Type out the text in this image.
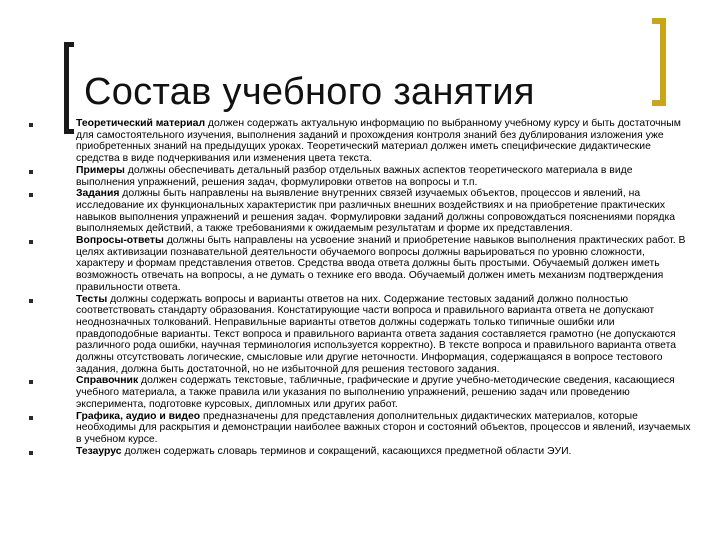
Состав учебного занятия

Теоретический материал должен содержать актуальную информацию по выбранному учебному курсу и быть достаточным для самостоятельного изучения, выполнения заданий и прохождения контроля знаний без дублирования изложения уже приобретенных знаний на предыдущих уроках. Теоретический материал должен иметь специфические дидактические средства в виде подчеркивания или изменения цвета текста.

Примеры должны обеспечивать детальный разбор отдельных важных аспектов теоретического материала в виде выполнения упражнений, решения задач, формулировки ответов на вопросы и т.п.

Задания должны быть направлены на выявление внутренних связей изучаемых объектов, процессов и явлений, на исследование их функциональных характеристик при различных внешних воздействиях и на приобретение практических навыков выполнения упражнений и решения задач. Формулировки заданий должны сопровождаться пояснениями порядка выполняемых действий, а также требованиями к ожидаемым результатам и форме их представления.

Вопросы-ответы должны быть направлены на усвоение знаний и приобретение навыков выполнения практических работ. В целях активизации познавательной деятельности обучаемого вопросы должны варьироваться по уровню сложности, характеру и формам представления ответов. Средства ввода ответа должны быть простыми. Обучаемый должен иметь возможность отвечать на вопросы, а не думать о технике его ввода. Обучаемый должен иметь механизм подтверждения правильности ответа.

Тесты должны содержать вопросы и варианты ответов на них. Содержание тестовых заданий должно полностью соответствовать стандарту образования. Констатирующие части вопроса и правильного варианта ответа не допускают неоднозначных толкований. Неправильные варианты ответов должны содержать только типичные ошибки или правдоподобные варианты. Текст вопроса и правильного варианта ответа задания составляется грамотно (не допускаются различного рода ошибки, научная терминология используется корректно). В тексте вопроса и правильного варианта ответа должны отсутствовать логические, смысловые или другие неточности. Информация, содержащаяся в вопросе тестового задания, должна быть достаточной, но не избыточной для решения тестового задания.

Справочник должен содержать текстовые, табличные, графические и другие учебно-методические сведения, касающиеся учебного материала, а также правила или указания по выполнению упражнений, решению задач или проведению эксперимента, подготовке курсовых, дипломных или других работ.

Графика, аудио и видео предназначены для представления дополнительных дидактических материалов, которые необходимы для раскрытия и демонстрации наиболее важных сторон и состояний объектов, процессов и явлений, изучаемых в учебном курсе.

Тезаурус должен содержать словарь терминов и сокращений, касающихся предметной области ЭУИ.
